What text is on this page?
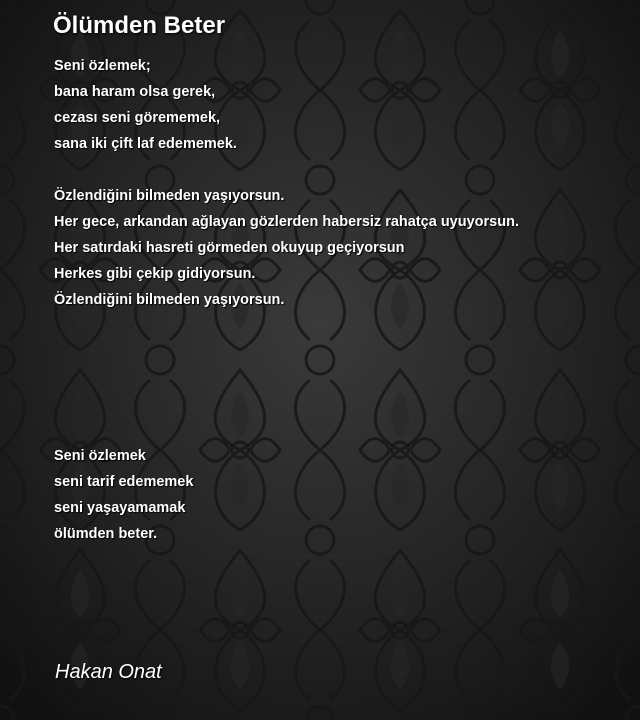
Ölümden Beter
Seni özlemek;
bana haram olsa gerek,
cezası seni görememek,
sana iki çift laf edememek.
Özlendiğini bilmeden yaşıyorsun.
Her gece, arkandan ağlayan gözlerden habersiz rahatça uyuyorsun.
Her satırdaki hasreti görmeden okuyup geçiyorsun
Herkes gibi çekip gidiyorsun.
Özlendiğini bilmeden yaşıyorsun.
Seni özlemek
seni tarif edememek
seni yaşayamamak
ölümden beter.

Hakan Onat
